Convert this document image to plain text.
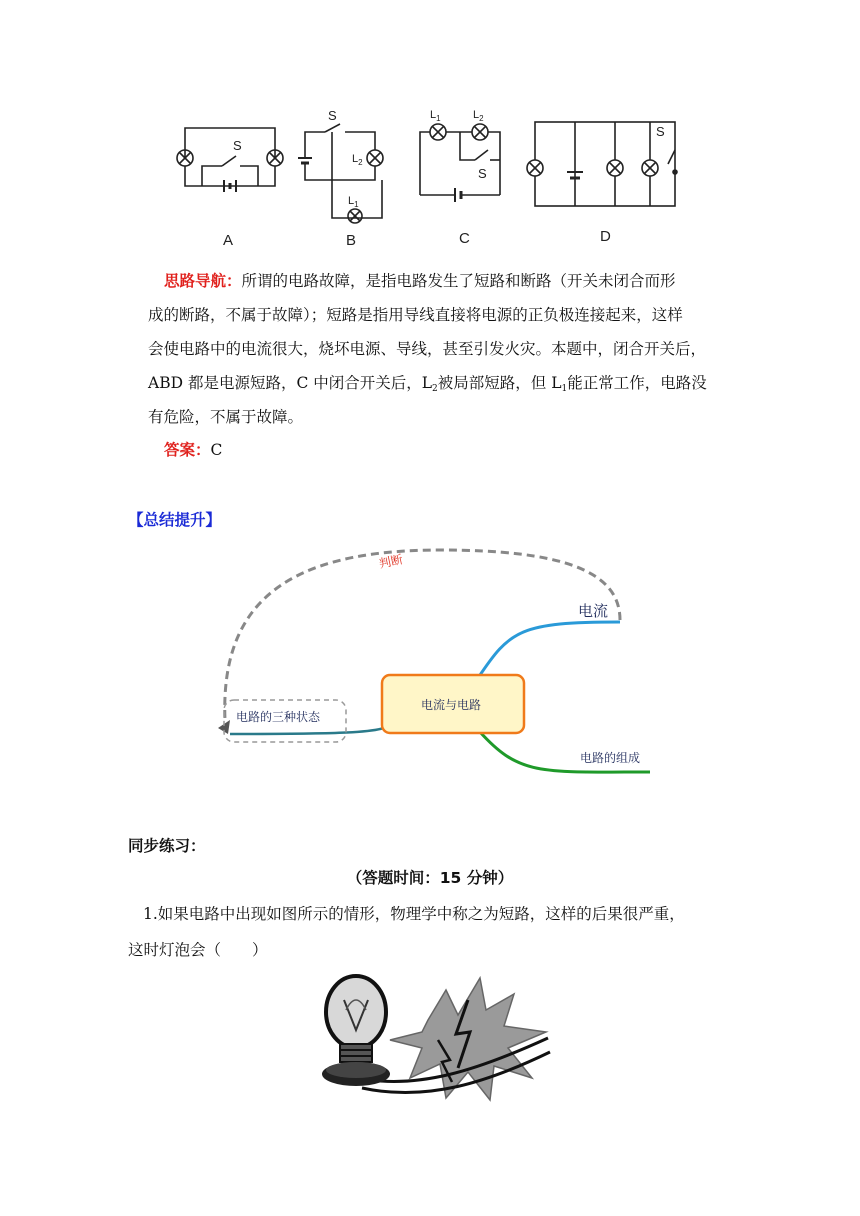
S
S
$L_2$
$L_1$
$L_1$	$L_2$
S
S
A	B	C	D
思路导航：所谓的电路故障，是指电路发生了短路和断路（开关未闭合而形
成的断路，不属于故障）；短路是指用导线直接将电源的正负极连接起来，这样
会使电路中的电流很大，烧坏电源、导线，甚至引发火灾。本题中，闭合开关后，
ABD 都是电源短路，C 中闭合开关后，$L_2$被局部短路，但 $L_1$能正常工作，电路没
有危险，不属于故障。
答案：C
【总结提升】
判断
电路的三种状态
电流与电路
电流
电路的组成
同步练习：
（答题时间：15 分钟）
1.如果电路中出现如图所示的情形，物理学中称之为短路，这样的后果很严重，
这时灯泡会（　　）
